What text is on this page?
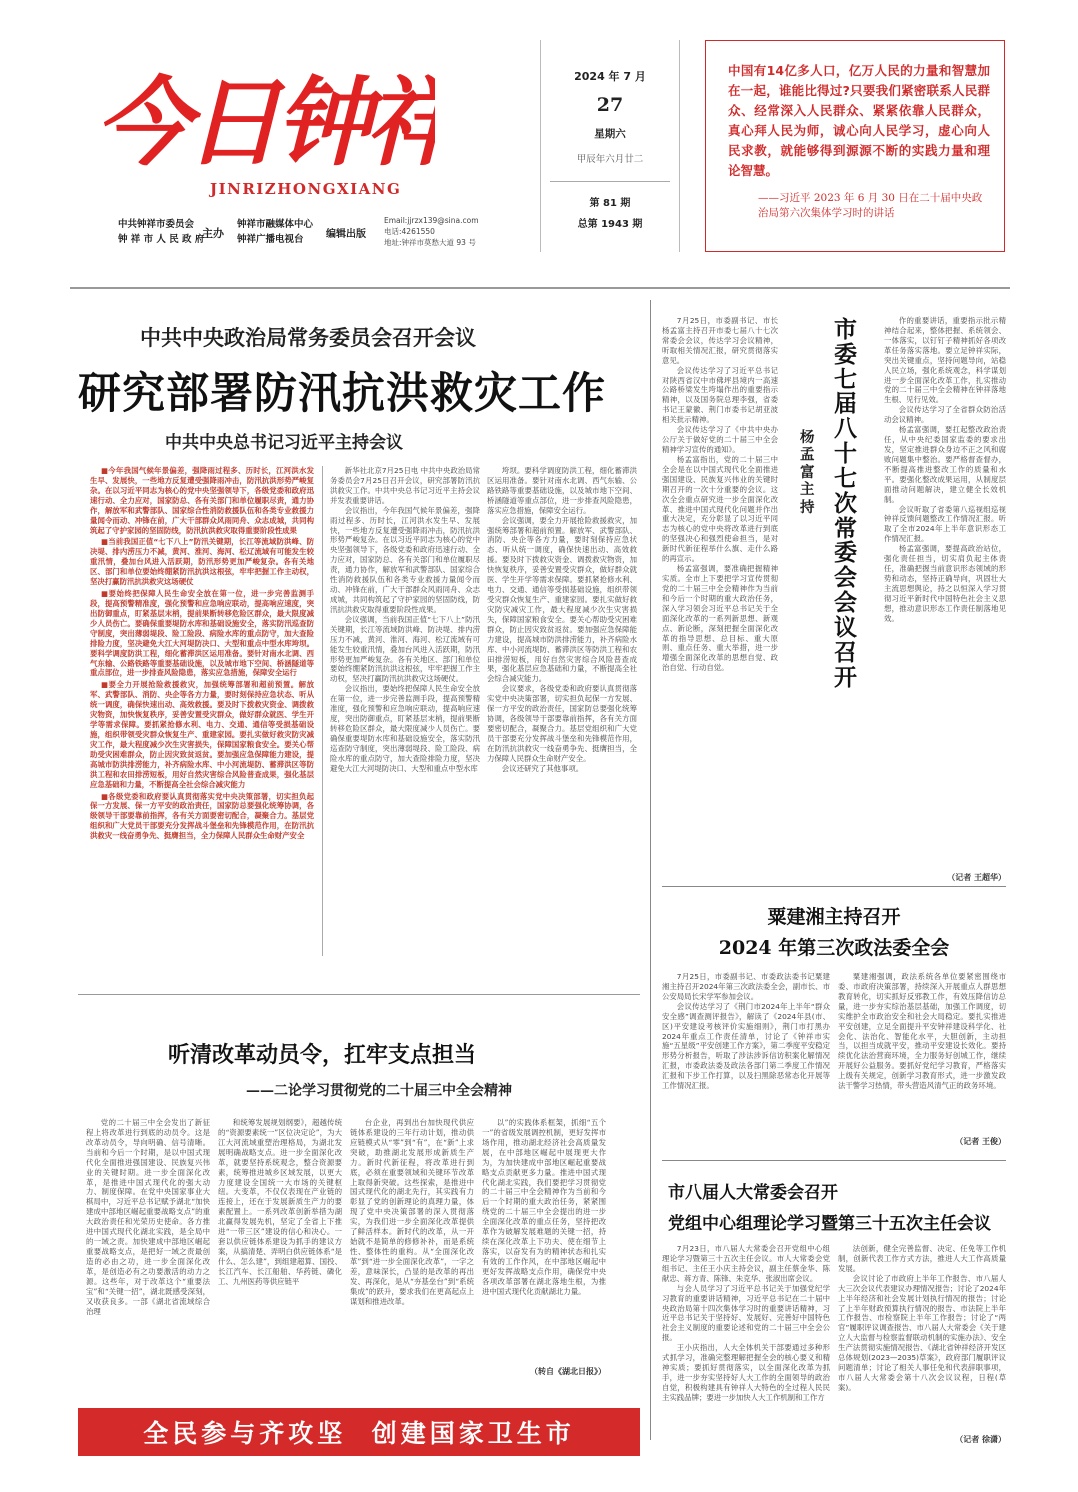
今日钟祥
JINRIZHONGXIANG
中共钟祥市委员会
钟 祥 市 人 民 政 府
主办
钟祥市融媒体中心
钟祥广播电视台	编辑出版
Email:jjrzx139@sina.com
电话:4261550
地址:钟祥市莫愁大道 93 号
2024 年 7 月
27
星期六
甲辰年六月廿二
第 81 期
总第 1943 期
中国有14亿多人口，亿万人民的力量和智慧加在一起，谁能比得过?只要我们紧密联系人民群众、经常深入人民群众、紧紧依靠人民群众，真心拜人民为师，诚心向人民学习，虚心向人民求教，就能够得到源源不断的实践力量和理论智慧。
——习近平 2023 年 6 月 30 日在二十届中央政治局第六次集体学习时的讲话
中共中央政治局常务委员会召开会议
研究部署防汛抗洪救灾工作
中共中央总书记习近平主持会议

■今年我国气候年景偏差，强降雨过程多、历时长，江河洪水发生早、发展快，一些地方反复遭受强降雨冲击，防汛抗洪形势严峻复杂。在以习近平同志为核心的党中央坚强领导下，各级党委和政府迅速行动、全力应对，国家防总、各有关部门和单位履职尽责，通力协作，解放军和武警部队、国家综合性消防救援队伍和各类专业救援力量闻令而动、冲锋在前，广大干部群众风雨同舟、众志成城，共同构筑起了守护家园的坚固防线，防汛抗洪救灾取得重要阶段性成果

■当前我国正值“七下八上”防汛关键期，长江等流域防洪峰、防决堤、排内涝压力不减，黄河、淮河、海河、松辽流域有可能发生较重汛情，叠加台风进入活跃期，防汛形势更加严峻复杂。各有关地区、部门和单位要始终绷紧防汛抗洪这根弦，牢牢把握工作主动权，坚决打赢防汛抗洪救灾这场硬仗

■要始终把保障人民生命安全放在第一位，进一步完善监测手段，提高预警精准度，强化预警和应急响应联动，提高响应速度，突出防御重点，盯紧基层末梢，提前果断转移危险区群众，最大限度减少人员伤亡。要确保重要堤防水库和基础设施安全，落实防汛巡查防守制度，突出薄弱堤段、险工险段、病险水库的重点防守，加大查险排险力度，坚决避免大江大河堤防决口、大型和重点中型水库垮坝。要科学调度防洪工程，细化蓄滞洪区运用准备。要针对南水北调、西气东输、公路铁路等重要基础设施，以及城市地下空间、桥涵隧道等重点部位，进一步排查风险隐患，落实应急措施，保障安全运行

■要全力开展抢险救援救灾，加强统筹部署和超前预置。解放军、武警部队、消防、央企等各方力量，要时刻保持应急状态、听从统一调度，确保快速出动、高效救援。要及时下拨救灾资金、调拨救灾物资，加快恢复秩序，妥善安置受灾群众，做好群众就医、学生开学等需求保障。要抓紧抢修水利、电力、交通、通信等受损基础设施，组织带领受灾群众恢复生产、重建家园。要扎实做好救灾防灾减灾工作，最大程度减少次生灾害损失，保障国家粮食安全。要关心帮助受灾困难群众，防止因灾致贫返贫。要加强应急保障能力建设，提高城市防洪排涝能力，补齐病险水库、中小河流堤防、蓄滞洪区等防洪工程和农田排涝短板，用好自然灾害综合风险普查成果，强化基层应急基础和力量，不断提高全社会综合减灾能力

■各级党委和政府要认真贯彻落实党中央决策部署，切实担负起保一方发展、保一方平安的政治责任，国家防总要强化统筹协调，各级领导干部要靠前指挥，各有关方面要密切配合，凝聚合力。基层党组织和广大党员干部要充分发挥战斗堡垒和先锋模范作用，在防汛抗洪救灾一线奋勇争先、挺膺担当，全力保障人民群众生命财产安全

新华社北京7月25日电 中共中央政治局常务委员会7月25日召开会议，研究部署防汛抗洪救灾工作。中共中央总书记习近平主持会议并发表重要讲话。

会议指出，今年我国气候年景偏差，强降雨过程多、历时长，江河洪水发生早、发展快，一些地方反复遭受强降雨冲击，防汛抗洪形势严峻复杂。在以习近平同志为核心的党中央坚强领导下，各级党委和政府迅速行动、全力应对，国家防总、各有关部门和单位履职尽责，通力协作，解放军和武警部队、国家综合性消防救援队伍和各类专业救援力量闻令而动、冲锋在前，广大干部群众风雨同舟、众志成城，共同构筑起了守护家园的坚固防线，防汛抗洪救灾取得重要阶段性成果。

会议强调，当前我国正值“七下八上”防汛关键期，长江等流域防洪峰、防决堤、排内涝压力不减，黄河、淮河、海河、松辽流域有可能发生较重汛情，叠加台风进入活跃期，防汛形势更加严峻复杂。各有关地区、部门和单位要始终绷紧防汛抗洪这根弦，牢牢把握工作主动权，坚决打赢防汛抗洪救灾这场硬仗。

会议指出，要始终把保障人民生命安全放在第一位，进一步完善监测手段，提高预警精准度，强化预警和应急响应联动，提高响应速度，突出防御重点，盯紧基层末梢，提前果断转移危险区群众，最大限度减少人员伤亡。要确保重要堤防水库和基础设施安全，落实防汛巡查防守制度，突出薄弱堤段、险工险段、病险水库的重点防守，加大查险排险力度，坚决避免大江大河堤防决口、大型和重点中型水库

垮坝。要科学调度防洪工程，细化蓄滞洪区运用准备。要针对南水北调、西气东输、公路铁路等重要基础设施，以及城市地下空间、桥涵隧道等重点部位，进一步排查风险隐患，落实应急措施，保障安全运行。

会议强调，要全力开展抢险救援救灾，加强统筹部署和超前预置。解放军、武警部队、消防、央企等各方力量，要时刻保持应急状态、听从统一调度，确保快速出动、高效救援。要及时下拨救灾资金、调拨救灾物资，加快恢复秩序，妥善安置受灾群众，做好群众就医、学生开学等需求保障。要抓紧抢修水利、电力、交通、通信等受损基础设施，组织带领受灾群众恢复生产、重建家园。要扎实做好救灾防灾减灾工作，最大程度减少次生灾害损失，保障国家粮食安全。要关心帮助受灾困难群众，防止因灾致贫返贫。要加强应急保障能力建设，提高城市防洪排涝能力，补齐病险水库、中小河流堤防、蓄滞洪区等防洪工程和农田排涝短板，用好自然灾害综合风险普查成果，强化基层应急基础和力量，不断提高全社会综合减灾能力。

会议要求，各级党委和政府要认真贯彻落实党中央决策部署，切实担负起保一方发展、保一方平安的政治责任，国家防总要强化统筹协调，各级领导干部要靠前指挥，各有关方面要密切配合，凝聚合力。基层党组织和广大党员干部要充分发挥战斗堡垒和先锋模范作用，在防汛抗洪救灾一线奋勇争先、挺膺担当，全力保障人民群众生命财产安全。

会议还研究了其他事项。

7月25日，市委副书记、市长杨孟富主持召开市委七届八十七次常委会会议，传达学习会议精神，听取相关情况汇报，研究贯彻落实意见。

会议传达学习了习近平总书记对陕西省汉中市佛坪县境内一高速公路桥梁发生垮塌作出的重要指示精神，以及国务院总理李强，省委书记王蒙徽、荆门市委书记胡亚波相关批示精神。

会议传达学习了《中共中央办公厅关于做好党的二十届三中全会精神学习宣传的通知》。

杨孟富指出，党的二十届三中全会是在以中国式现代化全面推进强国建设、民族复兴伟业的关键时期召开的一次十分重要的会议。这次全会重点研究进一步全面深化改革、推进中国式现代化问题并作出重大决定，充分彰显了以习近平同志为核心的党中央将改革进行到底的坚强决心和强烈使命担当，是对新时代新征程举什么旗、走什么路的再宣示。

杨孟富强调，要准确把握精神实质。全市上下要把学习宣传贯彻党的二十届三中全会精神作为当前和今后一个时期的重大政治任务，深入学习领会习近平总书记关于全面深化改革的一系列新思想、新观点、新论断，深刻把握全面深化改革的指导思想、总目标、重大原则、重点任务、重大举措，进一步增强全面深化改革的思想自觉、政治自觉、行动自觉。

市委七届八十七次常委会会议召开
杨孟富主持

作的重要讲话，重要指示批示精神结合起来，整体把握、系统领会、一体落实，以钉钉子精神抓好各项改革任务落实落地。要立足钟祥实际，突出关键重点，坚持问题导向，站稳人民立场，强化系统观念，科学谋划进一步全面深化改革工作，扎实推动党的二十届三中全会精神在钟祥落地生根、见行见效。

会议传达学习了全省群众防治活动会议精神。

杨孟富强调，要扛起整改政治责任，从中央纪委国家监委的要求出发，坚定推进群众身边不正之风和腐败问题集中整治。要严格督查督办，不断提高推进整改工作的质量和水平。要强化整改成果运用，从制度层面推动问题解决，建立健全长效机制。

会议听取了省委第八巡视组巡视钟祥反馈问题整改工作情况汇报。听取了全市2024年上半年意识形态工作情况汇报。

杨孟富强调，要提高政治站位，强化责任担当，切实肩负起主体责任，准确把握当前意识形态领域的形势和动态，坚持正确导向，巩固壮大主流思想舆论，持之以恒深入学习贯彻习近平新时代中国特色社会主义思想，推动意识形态工作责任制落地见效。

（记者 王超华）
粟建湘主持召开
2024 年第三次政法委全会

7月25日，市委副书记、市委政法委书记粟建湘主持召开2024年第三次政法委全会，副市长、市公安局局长宋学军参加会议。

会议传达学习了《荆门市2024年上半年“群众安全感”调查测评报告》，解读了《2024年县(市、区)平安建设考核评价实施细则》，荆门市打黑办2024年重点工作责任清单，讨论了《钟祥市实施“五星级”平安创建工作方案》，第二季度平安稳定形势分析报告，听取了涉法涉诉信访积案化解情况汇报，市委政法委及政法各部门第二季度工作情况汇报和下步工作打算，以及扫黑除恶常态化开展等工作情况汇报。

粟建湘强调，政法系统各单位要紧密围绕市委、市政府决策部署，持续深入开展重点人群思想教育转化，切实抓好反邪教工作，有效压降信访总量，进一步夯实综治基层基础，加强工作调度，切实维护全市政治安全和社会大局稳定。要扎实推进平安创建，立足全面提升平安钟祥建设科学化、社会化、法治化、智能化水平，大胆创新，主动担当，以担当成就平安，推动平安建设长效化。要持续优化法治营商环境，全力服务好创城工作，继续开展好公益服务。要抓好党纪学习教育，严格落实上级有关规定，创新学习教育形式，进一步激发政法干警学习热情，带头营造风清气正的政务环境。

（记者 王俊）
市八届人大常委会召开
党组中心组理论学习暨第三十五次主任会议

7月23日，市八届人大常委会召开党组中心组理论学习暨第三十五次主任会议。市人大常委会党组书记、主任王小庆主持会议，副主任蔡金华、陈献忠、蒋方青、陈锋、朱克华、张淑出席会议。

与会人员学习了习近平总书记关于加强党纪学习教育的重要讲话精神，习近平总书记在二十届中央政治局第十四次集体学习时的重要讲话精神，习近平总书记关于坚持好、发展好、完善好中国特色社会主义制度的重要论述和党的二十届三中全会公报。

王小庆指出，人大全体机关干部要通过多种形式抓学习，准确完整理解把握全会的核心要义和精神实质；要抓好贯彻落实，以全面深化改革为抓手，进一步夯实坚持好人大工作的全面领导的政治自觉，积极构建具有钟祥人大特色的全过程人民民主实践品牌；要进一步加快人大工作机制和工作方

法创新，健全完善监督、决定、任免等工作机制，创新代表工作方式方法，推进人大工作高质量发展。

会议讨论了市政府上半年工作报告、市八届人大三次会议代表建议办理情况报告；讨论了2024年上半年经济和社会发展计划执行情况的报告；讨论了上半年财政预算执行情况的报告、市法院上半年工作报告、市检察院上半年工作报告；讨论了“两官”履职评议调查报告、市八届人大常委会《关于建立人大监督与检察监督联动机制的实施办法》、安全生产法贯彻实施情况报告、《湖北省钟祥经济开发区总体规划(2023—2035)草案》，政府部门履职评议问题清单；讨论了相关人事任免和代表辞职事项，市八届人大常委会第十八次会议议程，日程(草案)。

（记者 徐潇）
听清改革动员令，扛牢支点担当
——二论学习贯彻党的二十届三中全会精神
党的二十届三中全会发出了新征程上将改革进行到底的动员令。这是改革动员令，导向明确、信号清晰。当前和今后一个时期，是以中国式现代化全面推进强国建设、民族复兴伟业的关键时期。进一步全面深化改革，是推进中国式现代化的强大动力、制度保障。在党中央国家事业大棋局中，习近平总书记赋予湖北“加快建成中部地区崛起重要战略支点”的重大政治责任和光荣历史使命。各方推进中国式现代化湖北实践，是全局中的一域之责。加快建成中部地区崛起重要战略支点，是把好一域之责最创造的必由之功，进一步全面深化改革，是创造必有之功要激活的动力之源。这些年，对于改革这个“重要法宝”和“关键一招”，湖北既感受深刻，又收获良多。一部《湖北省流域综合治理
和统筹发展规划纲要》，超越传统的“资源要素统一”区位决定论”，为大江大河流域重塑治理格局，为湖北发展明确战略支点。进一步全面深化改革，就要坚持系统观念，整合资源要素，统筹推进城乡区域发展，以更大力度建设全国统一大市场的关键枢纽。大变革，不仅仅表现在产业链的连接上，还在于发展新质生产力的要素配置上。一系列改革创新举措为湖北赢得发展先机，坚定了全省上下推进“一带三区”建设的信心和决心。一套以供应链体系建设为抓手的建议方案，从搞清楚、弄明白供应链体系“是什么、怎么建”，到组建超算、国投、长江汽车、长江船舶、华药链、磷化工、九州医药等供应链平
台企业，再到出台加快现代供应链体系建设的三年行动计划，推动供应链模式从“零”到“有”，在“新”上求突破，助推湖北发展形成新质生产力。新时代新征程，将改革进行到底，必须在重要领域和关键环节改革上取得新突破。这些探索，是推进中国式现代化的湖北先行，其实践有力彰显了党的创新理论的真理力量，体现了党中央决策部署的深入贯彻落实，为我们进一步全面深化改革提供了鲜活样本。新时代的改革，从一开始就不是简单的修修补补，而是系统性、整体性的重构。从“全面深化改革”到“进一步全面深化改革”，一字之差，意味深长，凸显的是改革的再出发、再深化，是从“夯基垒台”到“系统集成”的跃升，要求我们在更高起点上谋划和推进改革。
以”的实践体系框架，抓细“五个一”的省级发展调控机制，更好发挥市场作用，推动湖北经济社会高质量发展，在中部地区崛起中展现更大作为，为加快建成中部地区崛起重要战略支点贡献更多力量。推进中国式现代化湖北实践，我们要把学习贯彻党的二十届三中全会精神作为当前和今后一个时期的重大政治任务，紧紧围绕党的二十届三中全会提出的进一步全面深化改革的重点任务，坚持把改革作为破解发展难题的关键一招，持续在深化改革上下功夫、使在细节上落实，以奋发有为的精神状态和扎实有效的工作作风，在中部地区崛起中更好发挥战略支点作用，确保党中央各项改革部署在湖北落地生根，为推进中国式现代化贡献湖北力量。
（转自《湖北日报》）
全民参与齐攻坚  创建国家卫生市
